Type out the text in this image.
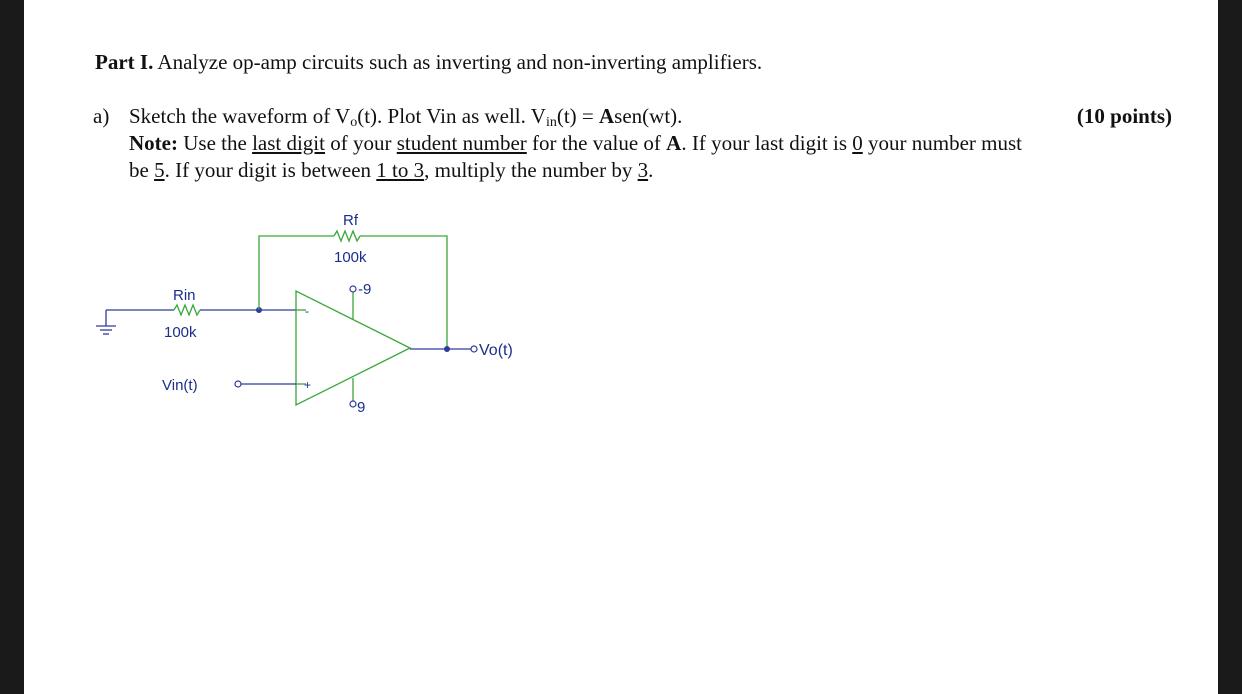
Part I. Analyze op-amp circuits such as inverting and non-inverting amplifiers.
a) Sketch the waveform of Vo(t). Plot Vin as well. Vin(t) = Asen(wt).	(10 points)
Note: Use the last digit of your student number for the value of A. If your last digit is 0 your number must
be 5. If your digit is between 1 to 3, multiply the number by 3.
Rf
100k
Rin
100k
-9
9
Vin(t)
Vo(t)
-
+
